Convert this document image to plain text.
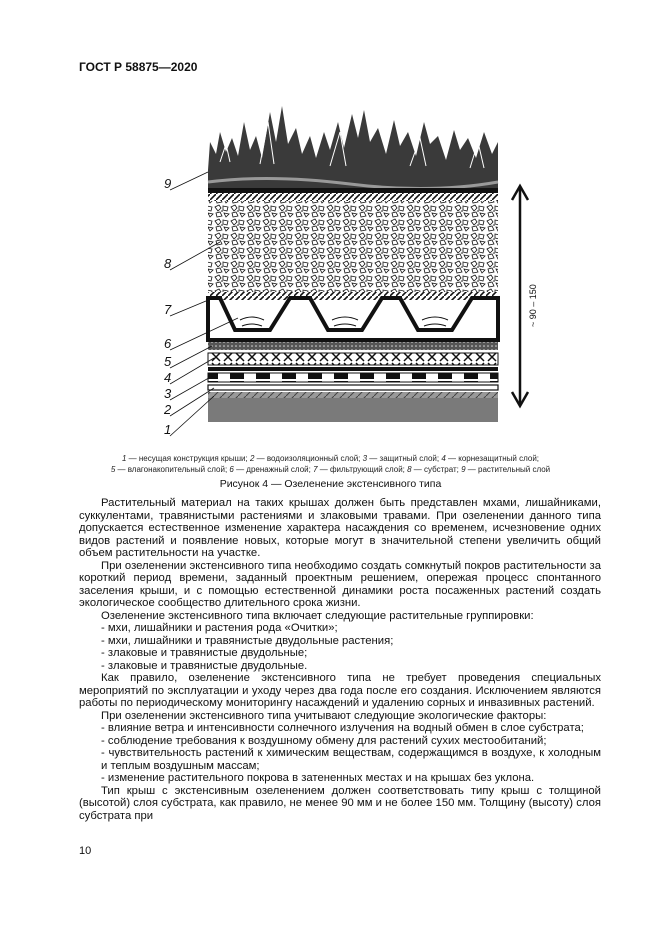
ГОСТ Р 58875—2020
9
8
7
6
5
4
3
2
1
~ 90 – 150
1 — несущая конструкция крыши; 2 — водоизоляционный слой; 3 — защитный слой; 4 — корнезащитный слой;
5 — влагонакопительный слой; 6 — дренажный слой; 7 — фильтрующий слой; 8 — субстрат; 9 — растительный слой
Рисунок 4 — Озеленение экстенсивного типа

Растительный материал на таких крышах должен быть представлен мхами, лишайниками, суккулентами, травянистыми растениями и злаковыми травами. При озеленении данного типа допускается естественное изменение характера насаждения со временем, исчезновение одних видов растений и появление новых, которые могут в значительной степени увеличить общий объем растительности на участке.

При озеленении экстенсивного типа необходимо создать сомкнутый покров растительности за короткий период времени, заданный проектным решением, опережая процесс спонтанного заселения крыши, и с помощью естественной динамики роста посаженных растений создать экологическое сообщество длительного срока жизни.

Озеленение экстенсивного типа включает следующие растительные группировки:

- мхи, лишайники и растения рода «Очитки»;

- мхи, лишайники и травянистые двудольные растения;

- злаковые и травянистые двудольные;

- злаковые и травянистые двудольные.

Как правило, озеленение экстенсивного типа не требует проведения специальных мероприятий по эксплуатации и уходу через два года после его создания. Исключением являются работы по периодическому мониторингу насаждений и удалению сорных и инвазивных растений.

При озеленении экстенсивного типа учитывают следующие экологические факторы:

- влияние ветра и интенсивности солнечного излучения на водный обмен в слое субстрата;

- соблюдение требования к воздушному обмену для растений сухих местообитаний;

- чувствительность растений к химическим веществам, содержащимся в воздухе, к холодным и теплым воздушным массам;

- изменение растительного покрова в затененных местах и на крышах без уклона.

Тип крыш с экстенсивным озеленением должен соответствовать типу крыш с толщиной (высотой) слоя субстрата, как правило, не менее 90 мм и не более 150 мм. Толщину (высоту) слоя субстрата при

10
